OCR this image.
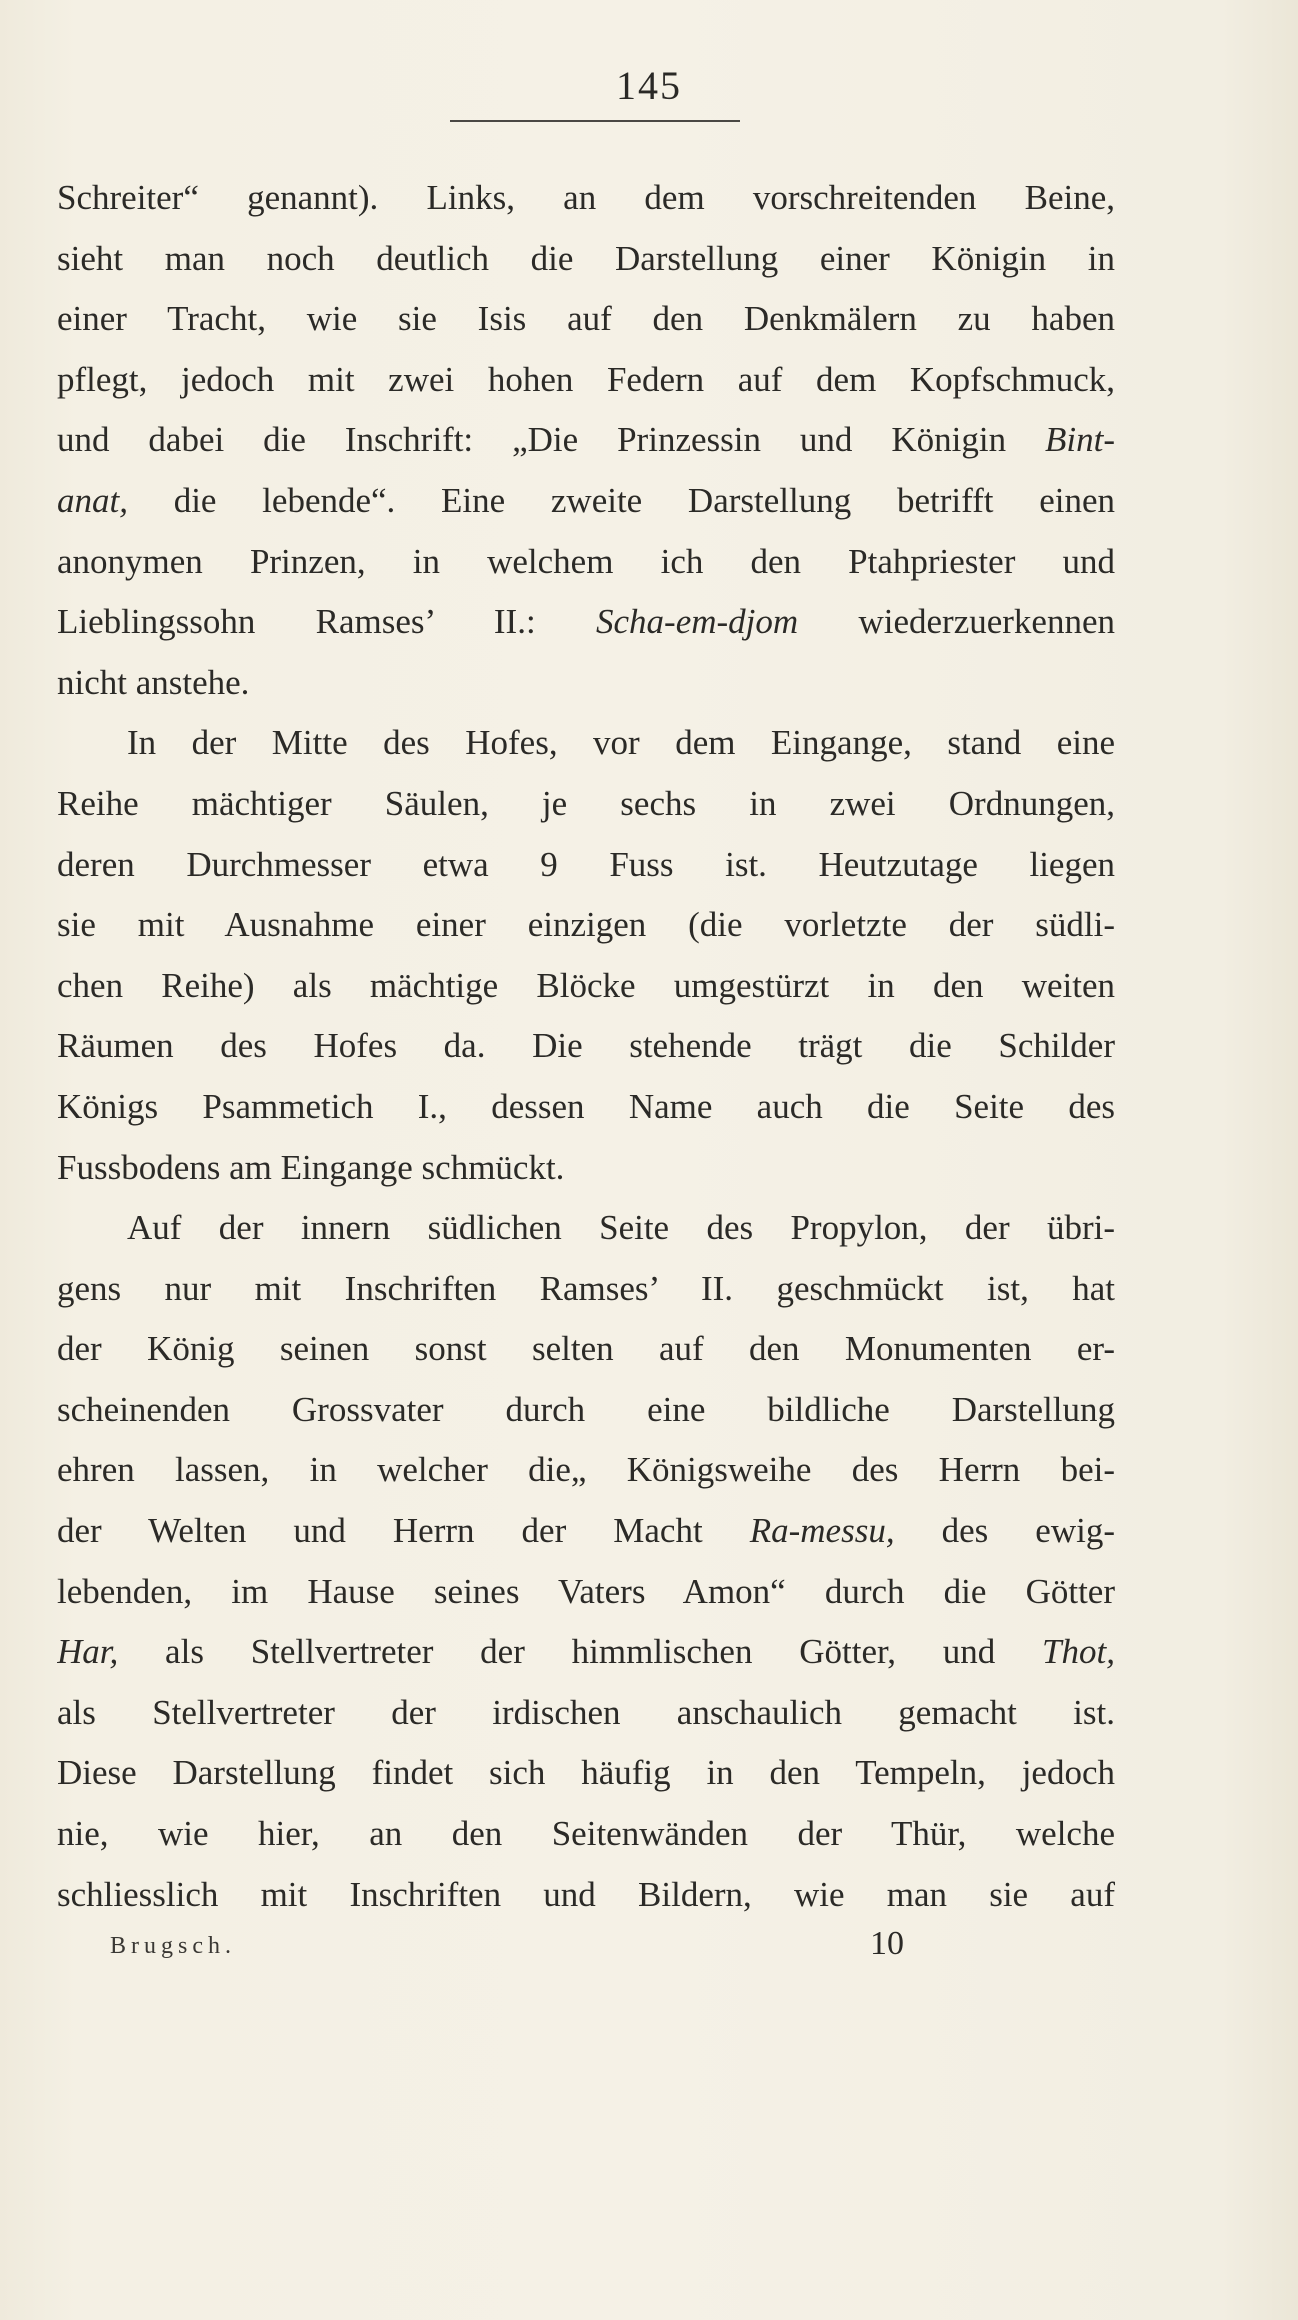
145
Schreiter“ genannt). Links, an dem vorschreitenden Beine,
sieht man noch deutlich die Darstellung einer Königin in
einer Tracht, wie sie Isis auf den Denkmälern zu haben
pflegt, jedoch mit zwei hohen Federn auf dem Kopfschmuck,
und dabei die Inschrift: „Die Prinzessin und Königin Bint-
anat, die lebende“. Eine zweite Darstellung betrifft einen
anonymen Prinzen, in welchem ich den Ptahpriester und
Lieblingssohn Ramses’ II.: Scha-em-djom wiederzuerkennen
nicht anstehe.
In der Mitte des Hofes, vor dem Eingange, stand eine
Reihe mächtiger Säulen, je sechs in zwei Ordnungen,
deren Durchmesser etwa 9 Fuss ist. Heutzutage liegen
sie mit Ausnahme einer einzigen (die vorletzte der südli-
chen Reihe) als mächtige Blöcke umgestürzt in den weiten
Räumen des Hofes da. Die stehende trägt die Schilder
Königs Psammetich I., dessen Name auch die Seite des
Fussbodens am Eingange schmückt.
Auf der innern südlichen Seite des Propylon, der übri-
gens nur mit Inschriften Ramses’ II. geschmückt ist, hat
der König seinen sonst selten auf den Monumenten er-
scheinenden Grossvater durch eine bildliche Darstellung
ehren lassen, in welcher die„ Königsweihe des Herrn bei-
der Welten und Herrn der Macht Ra-messu, des ewig-
lebenden, im Hause seines Vaters Amon“ durch die Götter
Har, als Stellvertreter der himmlischen Götter, und Thot,
als Stellvertreter der irdischen anschaulich gemacht ist.
Diese Darstellung findet sich häufig in den Tempeln, jedoch
nie, wie hier, an den Seitenwänden der Thür, welche
schliesslich mit Inschriften und Bildern, wie man sie auf
Brugsch.	10
